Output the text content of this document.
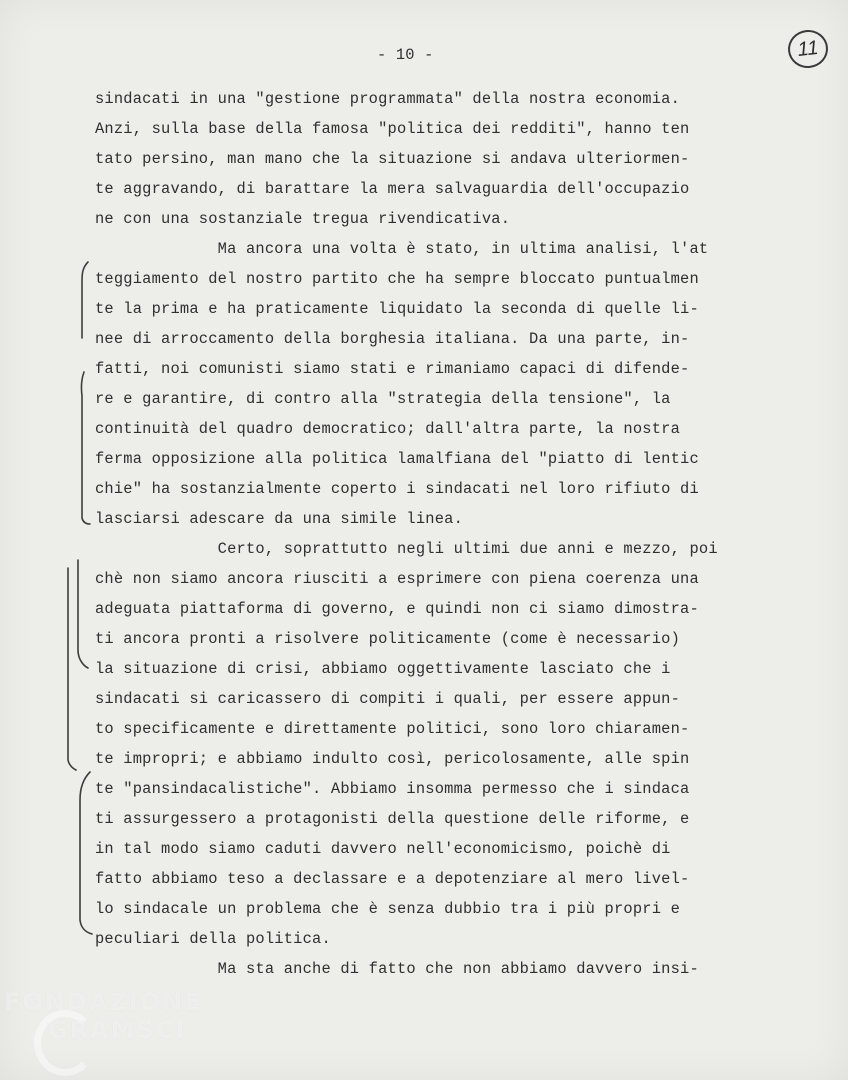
- 10 -	11
sindacati in una "gestione programmata" della nostra economia.
Anzi, sulla base della famosa "politica dei redditi", hanno ten
tato persino, man mano che la situazione si andava ulteriormen-
te aggravando, di barattare la mera salvaguardia dell'occupazio
ne con una sostanziale tregua rivendicativa.
Ma ancora una volta è stato, in ultima analisi, l'at
teggiamento del nostro partito che ha sempre bloccato puntualmen
te la prima e ha praticamente liquidato la seconda di quelle li-
nee di arroccamento della borghesia italiana. Da una parte, in-
fatti, noi comunisti siamo stati e rimaniamo capaci di difende-
re e garantire, di contro alla "strategia della tensione", la
continuità del quadro democratico; dall'altra parte, la nostra
ferma opposizione alla politica lamalfiana del "piatto di lentic
chie" ha sostanzialmente coperto i sindacati nel loro rifiuto di
lasciarsi adescare da una simile linea.
Certo, soprattutto negli ultimi due anni e mezzo, poi
chè non siamo ancora riusciti a esprimere con piena coerenza una
adeguata piattaforma di governo, e quindi non ci siamo dimostra-
ti ancora pronti a risolvere politicamente (come è necessario)
la situazione di crisi, abbiamo oggettivamente lasciato che i
sindacati si caricassero di compiti i quali, per essere appun-
to specificamente e direttamente politici, sono loro chiaramen-
te impropri; e abbiamo indulto così, pericolosamente, alle spin
te "pansindacalistiche". Abbiamo insomma permesso che i sindaca
ti assurgessero a protagonisti della questione delle riforme, e
in tal modo siamo caduti davvero nell'economicismo, poichè di
fatto abbiamo teso a declassare e a depotenziare al mero livel-
lo sindacale un problema che è senza dubbio tra i più propri e
peculiari della politica.
Ma sta anche di fatto che non abbiamo davvero insi-
FONDAZIONE
GRAMSCI
